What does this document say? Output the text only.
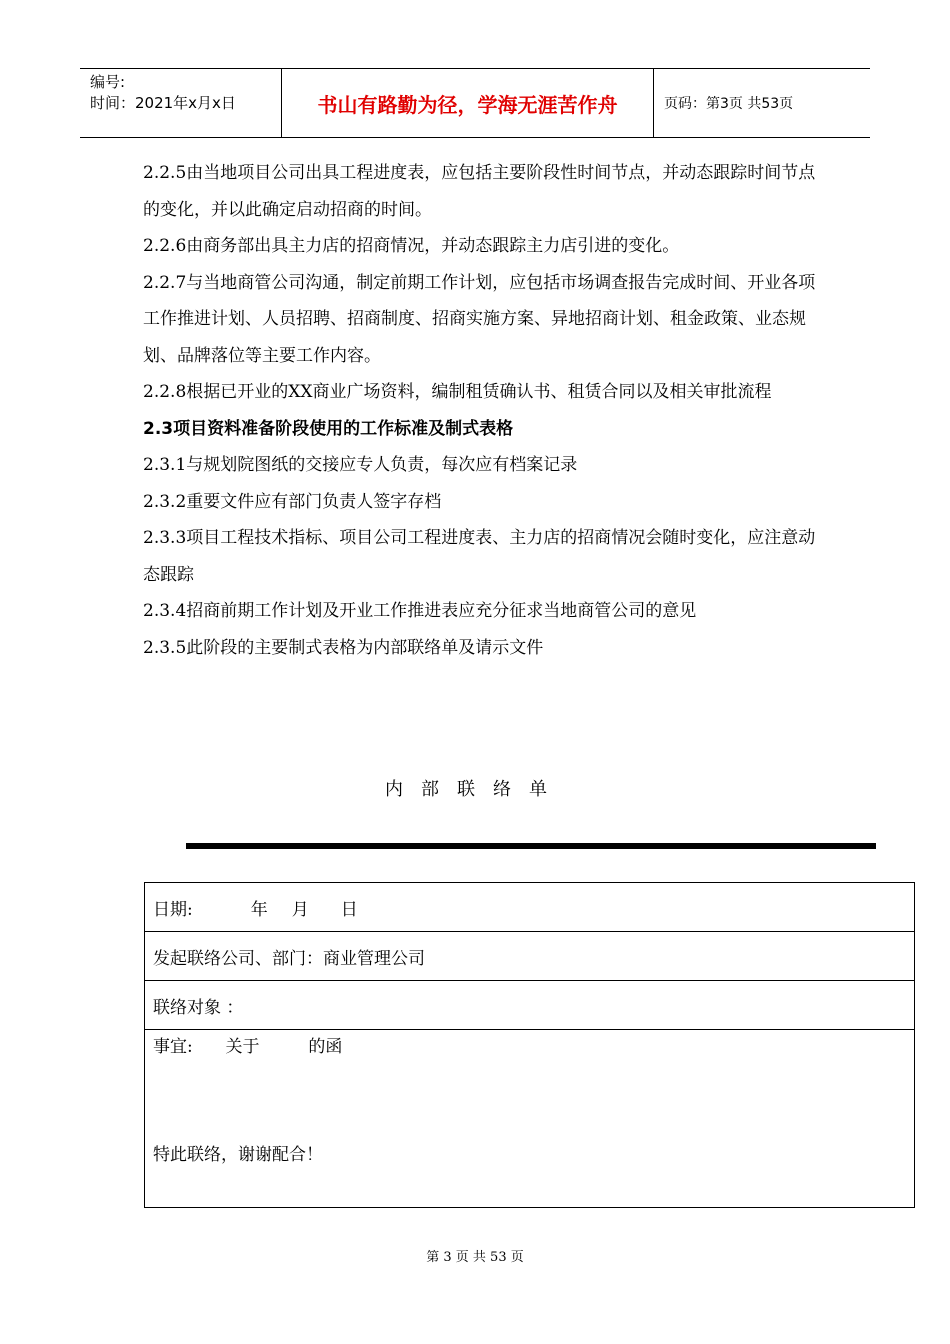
编号:
时间：2021年x月x日	书山有路勤为径，学海无涯苦作舟	页码：第3页 共53页

2.2.5由当地项目公司出具工程进度表，应包括主要阶段性时间节点，并动态跟踪时间节点的变化，并以此确定启动招商的时间。

2.2.6由商务部出具主力店的招商情况，并动态跟踪主力店引进的变化。

2.2.7与当地商管公司沟通，制定前期工作计划，应包括市场调查报告完成时间、开业各项工作推进计划、人员招聘、招商制度、招商实施方案、异地招商计划、租金政策、业态规划、品牌落位等主要工作内容。

2.2.8根据已开业的XX商业广场资料，编制租赁确认书、租赁合同以及相关审批流程

2.3项目资料准备阶段使用的工作标准及制式表格

2.3.1与规划院图纸的交接应专人负责，每次应有档案记录

2.3.2重要文件应有部门负责人签字存档

2.3.3项目工程技术指标、项目公司工程进度表、主力店的招商情况会随时变化，应注意动态跟踪

2.3.4招商前期工作计划及开业工作推进表应充分征求当地商管公司的意见

2.3.5此阶段的主要制式表格为内部联络单及请示文件

内部联络单
日期:	年 月 日
发起联络公司、部门：商业管理公司
联络对象 ：
事宜: 关于	的函
特此联络，谢谢配合！
第 3 页 共 53 页
